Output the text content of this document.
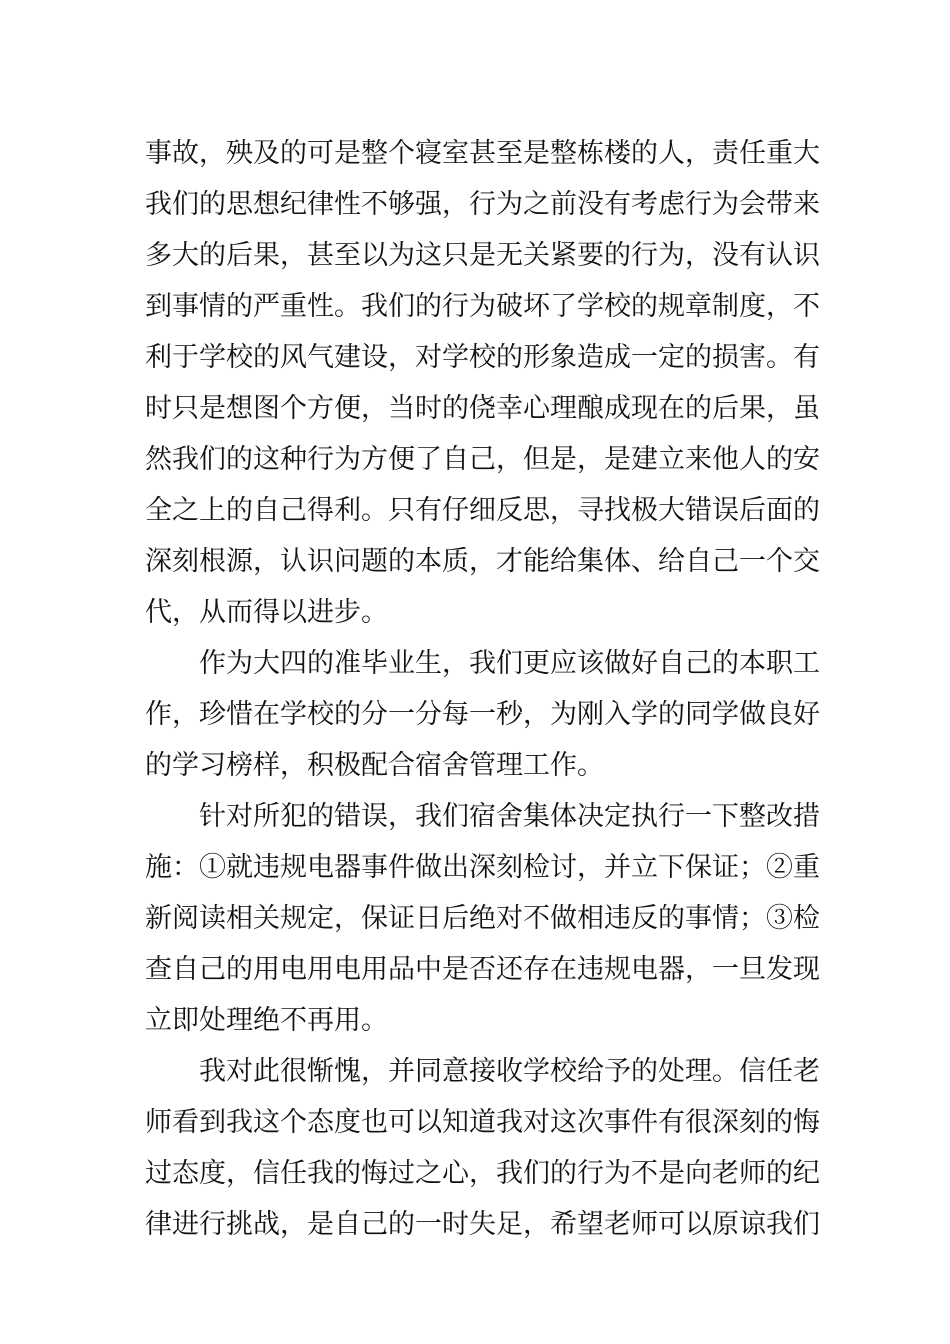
事故，殃及的可是整个寝室甚至是整栋楼的人，责任重大
我们的思想纪律性不够强，行为之前没有考虑行为会带来
多大的后果，甚至以为这只是无关紧要的行为，没有认识
到事情的严重性。我们的行为破坏了学校的规章制度，不
利于学校的风气建设，对学校的形象造成一定的损害。有
时只是想图个方便，当时的侥幸心理酿成现在的后果，虽
然我们的这种行为方便了自己，但是，是建立来他人的安
全之上的自己得利。只有仔细反思，寻找极大错误后面的
深刻根源，认识问题的本质，才能给集体、给自己一个交
代，从而得以进步。
作为大四的准毕业生，我们更应该做好自己的本职工
作，珍惜在学校的分一分每一秒，为刚入学的同学做良好
的学习榜样，积极配合宿舍管理工作。
针对所犯的错误，我们宿舍集体决定执行一下整改措
施：①就违规电器事件做出深刻检讨，并立下保证；②重
新阅读相关规定，保证日后绝对不做相违反的事情；③检
查自己的用电用电用品中是否还存在违规电器，一旦发现
立即处理绝不再用。
我对此很惭愧，并同意接收学校给予的处理。信任老
师看到我这个态度也可以知道我对这次事件有很深刻的悔
过态度，信任我的悔过之心，我们的行为不是向老师的纪
律进行挑战，是自己的一时失足，希望老师可以原谅我们
